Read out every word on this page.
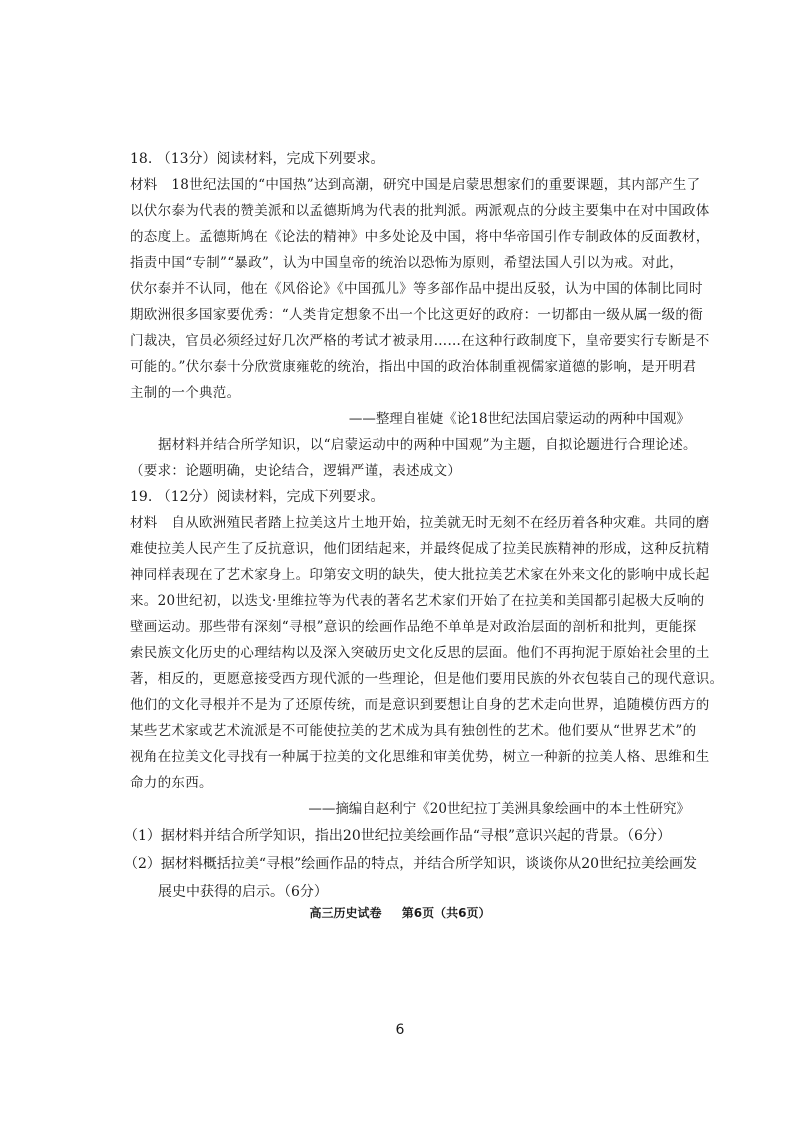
18. （13分）阅读材料，完成下列要求。
材料　18世纪法国的“中国热”达到高潮，研究中国是启蒙思想家们的重要课题，其内部产生了
以伏尔泰为代表的赞美派和以孟德斯鸠为代表的批判派。两派观点的分歧主要集中在对中国政体
的态度上。孟德斯鸠在《论法的精神》中多处论及中国，将中华帝国引作专制政体的反面教材，
指责中国“专制”“暴政”，认为中国皇帝的统治以恐怖为原则，希望法国人引以为戒。对此，
伏尔泰并不认同，他在《风俗论》《中国孤儿》等多部作品中提出反驳，认为中国的体制比同时
期欧洲很多国家要优秀：“人类肯定想象不出一个比这更好的政府：一切都由一级从属一级的衙
门裁决，官员必须经过好几次严格的考试才被录用……在这种行政制度下，皇帝要实行专断是不
可能的。”伏尔泰十分欣赏康雍乾的统治，指出中国的政治体制重视儒家道德的影响，是开明君
主制的一个典范。
——整理自崔婕《论18世纪法国启蒙运动的两种中国观》
据材料并结合所学知识，以“启蒙运动中的两种中国观”为主题，自拟论题进行合理论述。
（要求：论题明确，史论结合，逻辑严谨，表述成文）
19. （12分）阅读材料，完成下列要求。
材料　自从欧洲殖民者踏上拉美这片土地开始，拉美就无时无刻不在经历着各种灾难。共同的磨
难使拉美人民产生了反抗意识，他们团结起来，并最终促成了拉美民族精神的形成，这种反抗精
神同样表现在了艺术家身上。印第安文明的缺失，使大批拉美艺术家在外来文化的影响中成长起
来。20世纪初，以迭戈·里维拉等为代表的著名艺术家们开始了在拉美和美国都引起极大反响的
壁画运动。那些带有深刻“寻根”意识的绘画作品绝不单单是对政治层面的剖析和批判，更能探
索民族文化历史的心理结构以及深入突破历史文化反思的层面。他们不再拘泥于原始社会里的土
著，相反的，更愿意接受西方现代派的一些理论，但是他们要用民族的外衣包装自己的现代意识。
他们的文化寻根并不是为了还原传统，而是意识到要想让自身的艺术走向世界，追随模仿西方的
某些艺术家或艺术流派是不可能使拉美的艺术成为具有独创性的艺术。他们要从“世界艺术”的
视角在拉美文化寻找有一种属于拉美的文化思维和审美优势，树立一种新的拉美人格、思维和生
命力的东西。
——摘编自赵利宁《20世纪拉丁美洲具象绘画中的本土性研究》
（1）据材料并结合所学知识，指出20世纪拉美绘画作品“寻根”意识兴起的背景。（6分）
（2）据材料概括拉美“寻根”绘画作品的特点，并结合所学知识，谈谈你从20世纪拉美绘画发
展史中获得的启示。（6分）
高三历史试卷 第6页（共6页）
6
